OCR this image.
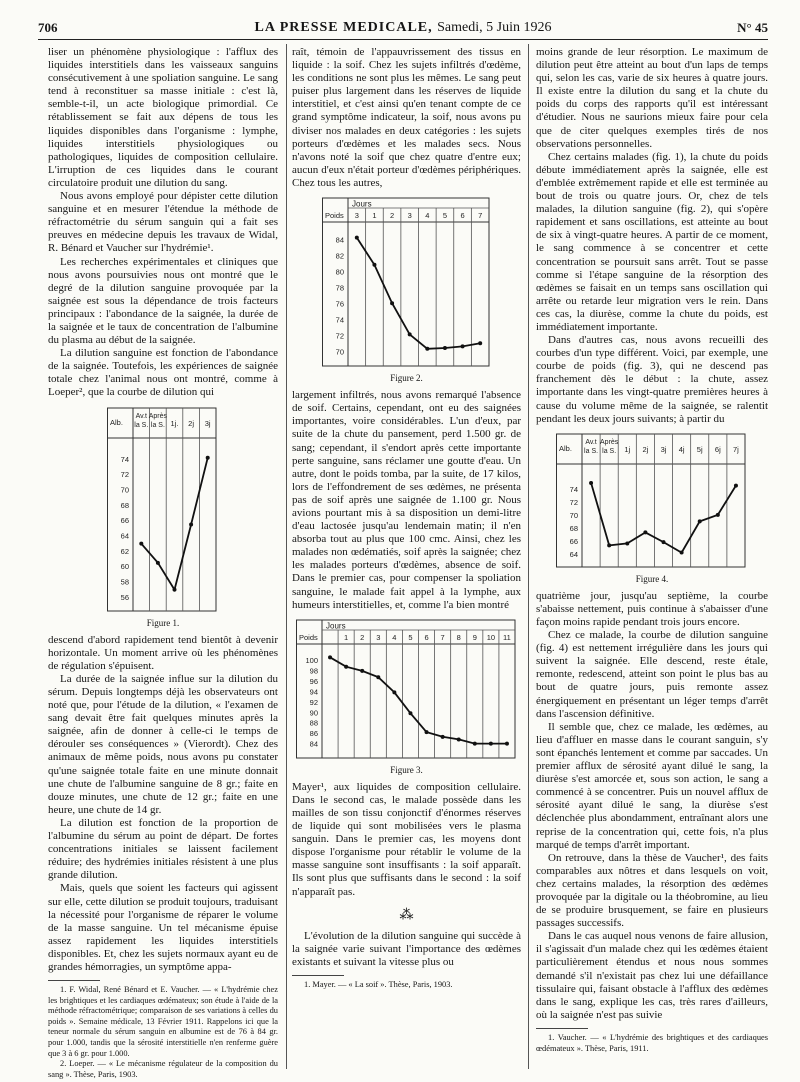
706	LA PRESSE MEDICALE, Samedi, 5 Juin 1926	N° 45

liser un phénomène physiologique : l'afflux des liquides interstitiels dans les vaisseaux sanguins consécutivement à une spoliation sanguine. Le sang tend à reconstituer sa masse initiale : c'est là, semble-t-il, un acte biologique primordial. Ce rétablissement se fait aux dépens de tous les liquides disponibles dans l'organisme : lymphe, liquides interstitiels physiologiques ou pathologiques, liquides de composition cellulaire. L'irruption de ces liquides dans le courant circulatoire produit une dilution du sang.

Nous avons employé pour dépister cette dilution sanguine et en mesurer l'étendue la méthode de réfractométrie du sérum sanguin qui a fait ses preuves en médecine depuis les travaux de Widal, R. Bénard et Vaucher sur l'hydrémie¹.

Les recherches expérimentales et cliniques que nous avons poursuivies nous ont montré que le degré de la dilution sanguine provoquée par la saignée est sous la dépendance de trois facteurs principaux : l'abondance de la saignée, la durée de la saignée et le taux de concentration de l'albumine du plasma au début de la saignée.

La dilution sanguine est fonction de l'abondance de la saignée. Toutefois, les expériences de saignée totale chez l'animal nous ont montré, comme à Loeper², que la courbe de dilution qui

Alb.
Av.t
la S.
Après
la S. 1j. 2j 3j
56
58
60
62
64
66
68
70
72
74
Figure 1.

descend d'abord rapidement tend bientôt à devenir horizontale. Un moment arrive où les phénomènes de régulation s'épuisent.

La durée de la saignée influe sur la dilution du sérum. Depuis longtemps déjà les observateurs ont noté que, pour l'étude de la dilution, « l'examen de sang devait être fait quelques minutes après la saignée, afin de donner à celle-ci le temps de dérouler ses conséquences » (Vierordt). Chez des animaux de même poids, nous avons pu constater qu'une saignée totale faite en une minute donnait une chute de l'albumine sanguine de 8 gr.; faite en douze minutes, une chute de 12 gr.; faite en une heure, une chute de 14 gr.

La dilution est fonction de la proportion de l'albumine du sérum au point de départ. De fortes concentrations initiales se laissent facilement réduire; des hydrémies initiales résistent à une plus grande dilution.

Mais, quels que soient les facteurs qui agissent sur elle, cette dilution se produit toujours, traduisant la nécessité pour l'organisme de réparer le volume de la masse sanguine. Un tel mécanisme épuise assez rapidement les liquides interstitiels disponibles. Et, chez les sujets normaux ayant eu de grandes hémorragies, un symptôme appa-

1. F. Widal, René Bénard et E. Vaucher. — « L'hydrémie chez les brightiques et les cardiaques œdémateux; son étude à l'aide de la méthode réfractométrique; comparaison de ses variations à celles du poids ». Semaine médicale, 13 Février 1911. Rappelons ici que la teneur normale du sérum sanguin en albumine est de 76 à 84 gr. pour 1.000, tandis que la sérosité interstitielle n'en renferme guère que 3 à 6 gr. pour 1.000.

2. Loeper. — « Le mécanisme régulateur de la composition du sang ». Thèse, Paris, 1903.

raît, témoin de l'appauvrissement des tissus en liquide : la soif. Chez les sujets infiltrés d'œdème, les conditions ne sont plus les mêmes. Le sang peut puiser plus largement dans les réserves de liquide interstitiel, et c'est ainsi qu'en tenant compte de ce grand symptôme indicateur, la soif, nous avons pu diviser nos malades en deux catégories : les sujets porteurs d'œdèmes et les malades secs. Nous n'avons noté la soif que chez quatre d'entre eux; aucun d'eux n'était porteur d'œdèmes périphériques. Chez tous les autres,

Jours
Poids 3 1 2 3 4 5 6 7
70
72
74
76
78
80
82
84
Figure 2.

largement infiltrés, nous avons remarqué l'absence de soif. Certains, cependant, ont eu des saignées importantes, voire considérables. L'un d'eux, par suite de la chute du pansement, perd 1.500 gr. de sang; cependant, il s'endort après cette importante perte sanguine, sans réclamer une goutte d'eau. Un autre, dont le poids tomba, par la suite, de 17 kilos, lors de l'effondrement de ses œdèmes, ne présenta pas de soif après une saignée de 1.100 gr. Nous avions pourtant mis à sa disposition un demi-litre d'eau lactosée jusqu'au lendemain matin; il n'en absorba tout au plus que 100 cmc. Ainsi, chez les malades non œdématiés, soif après la saignée; chez les malades porteurs d'œdèmes, absence de soif. Dans le premier cas, pour compenser la spoliation sanguine, le malade fait appel à la lymphe, aux humeurs interstitielles, et, comme l'a bien montré

Jours
Poids	1 2 3 4 5 6 7 8 9 10 11
84
86
88
90
92
94
96
98
100
Figure 3.

Mayer¹, aux liquides de composition cellulaire. Dans le second cas, le malade possède dans les mailles de son tissu conjonctif d'énormes réserves de liquide qui sont mobilisées vers le plasma sanguin. Dans le premier cas, les moyens dont dispose l'organisme pour rétablir le volume de la masse sanguine sont insuffisants : la soif apparaît. Ils sont plus que suffisants dans le second : la soif n'apparaît pas.

⁂

L'évolution de la dilution sanguine qui succède à la saignée varie suivant l'importance des œdèmes existants et suivant la vitesse plus ou

1. Mayer. — « La soif ». Thèse, Paris, 1903.

moins grande de leur résorption. Le maximum de dilution peut être atteint au bout d'un laps de temps qui, selon les cas, varie de six heures à quatre jours. Il existe entre la dilution du sang et la chute du poids du corps des rapports qu'il est intéressant d'étudier. Nous ne saurions mieux faire pour cela que de citer quelques exemples tirés de nos observations personnelles.

Chez certains malades (fig. 1), la chute du poids débute immédiatement après la saignée, elle est d'emblée extrêmement rapide et elle est terminée au bout de trois ou quatre jours. Or, chez de tels malades, la dilution sanguine (fig. 2), qui s'opère rapidement et sans oscillations, est atteinte au bout de six à vingt-quatre heures. A partir de ce moment, le sang commence à se concentrer et cette concentration se poursuit sans arrêt. Tout se passe comme si l'étape sanguine de la résorption des œdèmes se faisait en un temps sans oscillation qui arrête ou retarde leur migration vers le rein. Dans ces cas, la diurèse, comme la chute du poids, est immédiatement importante.

Dans d'autres cas, nous avons recueilli des courbes d'un type différent. Voici, par exemple, une courbe de poids (fig. 3), qui ne descend pas franchement dès le début : la chute, assez importante dans les vingt-quatre premières heures à cause du volume même de la saignée, se ralentit pendant les deux jours suivants; à partir du

Alb.
Av.t
la S.
Après
la S. 1j 2j 3j 4j 5j 6j 7j
64
66
68
70
72
74
Figure 4.

quatrième jour, jusqu'au septième, la courbe s'abaisse nettement, puis continue à s'abaisser d'une façon moins rapide pendant trois jours encore.

Chez ce malade, la courbe de dilution sanguine (fig. 4) est nettement irrégulière dans les jours qui suivent la saignée. Elle descend, reste étale, remonte, redescend, atteint son point le plus bas au bout de quatre jours, puis remonte assez énergiquement en présentant un léger temps d'arrêt dans l'ascension définitive.

Il semble que, chez ce malade, les œdèmes, au lieu d'affluer en masse dans le courant sanguin, s'y sont épanchés lentement et comme par saccades. Un premier afflux de sérosité ayant dilué le sang, la diurèse s'est amorcée et, sous son action, le sang a commencé à se concentrer. Puis un nouvel afflux de sérosité ayant dilué le sang, la diurèse s'est déclenchée plus abondamment, entraînant alors une reprise de la concentration qui, cette fois, n'a plus marqué de temps d'arrêt important.

On retrouve, dans la thèse de Vaucher¹, des faits comparables aux nôtres et dans lesquels on voit, chez certains malades, la résorption des œdèmes provoquée par la digitale ou la théobromine, au lieu de se produire brusquement, se faire en plusieurs passages successifs.

Dans le cas auquel nous venons de faire allusion, il s'agissait d'un malade chez qui les œdèmes étaient particulièrement étendus et nous nous sommes demandé s'il n'existait pas chez lui une défaillance tissulaire qui, faisant obstacle à l'afflux des œdèmes dans le sang, explique les cas, très rares d'ailleurs, où la saignée n'est pas suivie

1. Vaucher. — « L'hydrémie des brightiques et des cardiaques œdémateux ». Thèse, Paris, 1911.
